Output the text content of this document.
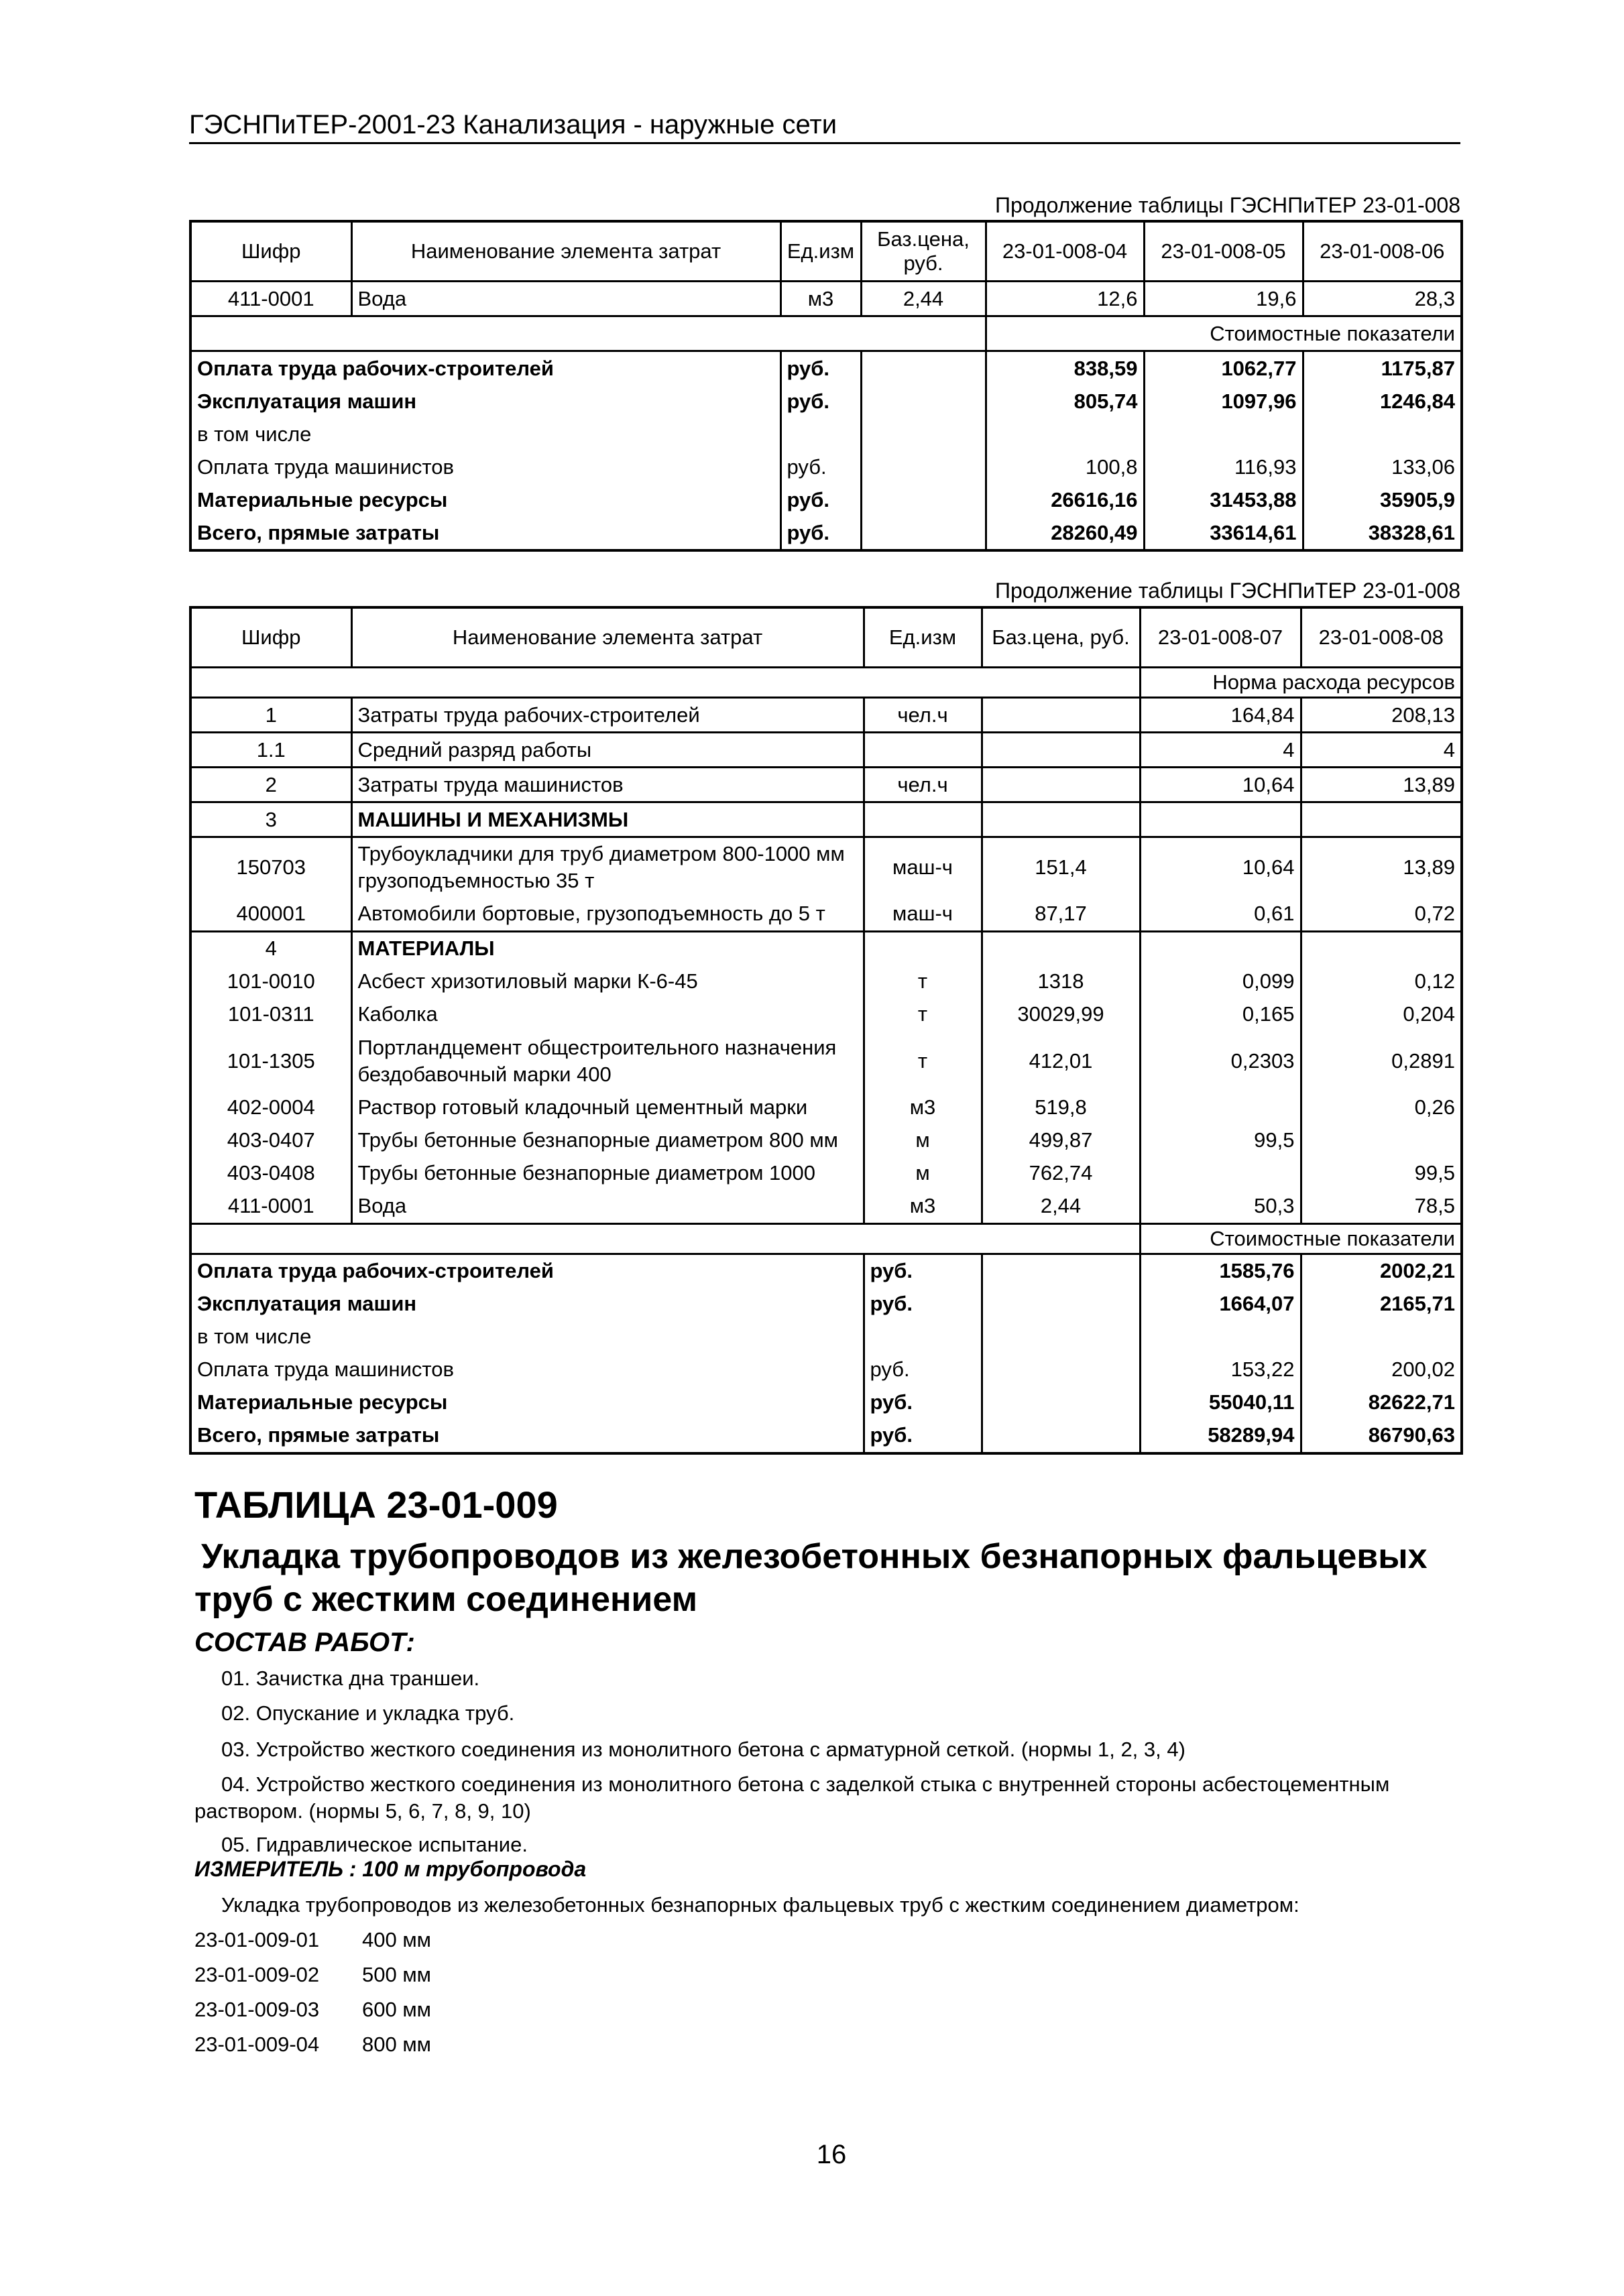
ГЭСНПиТЕР-2001-23 Канализация - наружные сети
Продолжение таблицы ГЭСНПиТЕР 23-01-008
Шифр	Наименование элемента затрат	Ед.изм	Баз.цена, руб.	23-01-008-04	23-01-008-05	23-01-008-06
411-0001	Вода	м3	2,44	12,6	19,6	28,3
				Стоимостные показатели		
Оплата труда рабочих-строителей		руб.		838,59	1062,77	1175,87
Эксплуатация машин		руб.		805,74	1097,96	1246,84
в том числе						
Оплата труда машинистов		руб.		100,8	116,93	133,06
Материальные ресурсы		руб.		26616,16	31453,88	35905,9
Всего, прямые затраты		руб.		28260,49	33614,61	38328,61
Продолжение таблицы ГЭСНПиТЕР 23-01-008
Шифр	Наименование элемента затрат	Ед.изм	Баз.цена, руб.	23-01-008-07	23-01-008-08
				Норма расхода ресурсов	
1	Затраты труда рабочих-строителей	чел.ч		164,84	208,13
1.1	Средний разряд работы			4	4
2	Затраты труда машинистов	чел.ч		10,64	13,89
3	МАШИНЫ И МЕХАНИЗМЫ				
150703	Трубоукладчики для труб диаметром 800-1000 мм грузоподъемностью 35 т	маш-ч	151,4	10,64	13,89
400001	Автомобили бортовые, грузоподъемность до 5 т	маш-ч	87,17	0,61	0,72
4	МАТЕРИАЛЫ				
101-0010	Асбест хризотиловый марки К-6-45	т	1318	0,099	0,12
101-0311	Каболка	т	30029,99	0,165	0,204
101-1305	Портландцемент общестроительного назначения бездобавочный марки 400	т	412,01	0,2303	0,2891
402-0004	Раствор готовый кладочный цементный марки	м3	519,8		0,26
403-0407	Трубы бетонные безнапорные диаметром 800 мм	м	499,87	99,5	
403-0408	Трубы бетонные безнапорные диаметром 1000	м	762,74		99,5
411-0001	Вода	м3	2,44	50,3	78,5
				Стоимостные показатели	
Оплата труда рабочих-строителей		руб.		1585,76	2002,21
Эксплуатация машин		руб.		1664,07	2165,71
в том числе					
Оплата труда машинистов		руб.		153,22	200,02
Материальные ресурсы		руб.		55040,11	82622,71
Всего, прямые затраты		руб.		58289,94	86790,63
ТАБЛИЦА 23-01-009
Укладка трубопроводов из железобетонных безнапорных фальцевых труб с жестким соединением
СОСТАВ РАБОТ:
01. Зачистка дна траншеи.
02. Опускание и укладка труб.
03. Устройство жесткого соединения из монолитного бетона с арматурной сеткой. (нормы 1, 2, 3, 4)
04. Устройство жесткого соединения из монолитного бетона с заделкой стыка с внутренней стороны асбестоцементным
раствором. (нормы 5, 6, 7, 8, 9, 10)
05. Гидравлическое испытание.
ИЗМЕРИТЕЛЬ : 100 м трубопровода
Укладка трубопроводов из железобетонных безнапорных фальцевых труб с жестким соединением диаметром:
23-01-009-01 400 мм
23-01-009-02 500 мм
23-01-009-03 600 мм
23-01-009-04 800 мм
16
